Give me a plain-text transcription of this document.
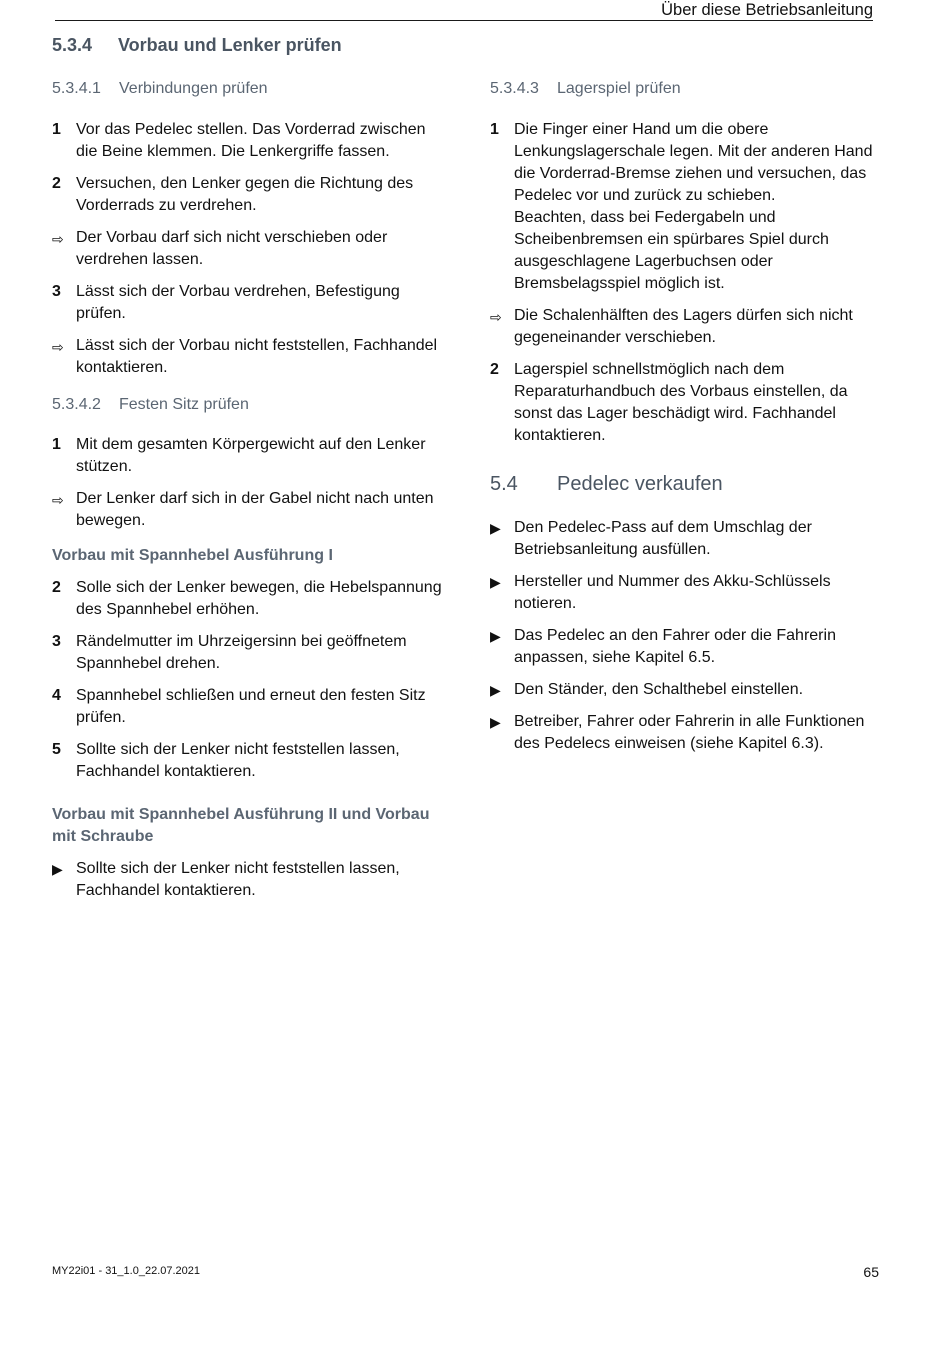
Über diese Betriebsanleitung
5.3.4 Vorbau und Lenker prüfen
5.3.4.1 Verbindungen prüfen
1 Vor das Pedelec stellen. Das Vorderrad zwischen die Beine klemmen. Die Lenkergriffe fassen.

2 Versuchen, den Lenker gegen die Richtung des Vorderrads zu verdrehen.

⇨ Der Vorbau darf sich nicht verschieben oder verdrehen lassen.

3 Lässt sich der Vorbau verdrehen, Befestigung prüfen.

⇨ Lässt sich der Vorbau nicht feststellen, Fachhandel kontaktieren.

5.3.4.2 Festen Sitz prüfen
1 Mit dem gesamten Körpergewicht auf den Lenker stützen.

⇨ Der Lenker darf sich in der Gabel nicht nach unten bewegen.

Vorbau mit Spannhebel Ausführung I
2 Solle sich der Lenker bewegen, die Hebelspannung des Spannhebel erhöhen.

3 Rändelmutter im Uhrzeigersinn bei geöffnetem Spannhebel drehen.

4 Spannhebel schließen und erneut den festen Sitz prüfen.

5 Sollte sich der Lenker nicht feststellen lassen, Fachhandel kontaktieren.

Vorbau mit Spannhebel Ausführung II und Vorbau mit Schraube
▶ Sollte sich der Lenker nicht feststellen lassen, Fachhandel kontaktieren.

5.3.4.3 Lagerspiel prüfen
1 Die Finger einer Hand um die obere Lenkungslagerschale legen. Mit der anderen Hand die Vorderrad-Bremse ziehen und versuchen, das Pedelec vor und zurück zu schieben.

Beachten, dass bei Federgabeln und Scheibenbremsen ein spürbares Spiel durch ausgeschlagene Lagerbuchsen oder Bremsbelagsspiel möglich ist.

⇨ Die Schalenhälften des Lagers dürfen sich nicht gegeneinander verschieben.

2 Lagerspiel schnellstmöglich nach dem Reparaturhandbuch des Vorbaus einstellen, da sonst das Lager beschädigt wird. Fachhandel kontaktieren.

5.4 Pedelec verkaufen
▶ Den Pedelec-Pass auf dem Umschlag der Betriebsanleitung ausfüllen.

▶ Hersteller und Nummer des Akku-Schlüssels notieren.

▶ Das Pedelec an den Fahrer oder die Fahrerin anpassen, siehe Kapitel 6.5.

▶ Den Ständer, den Schalthebel einstellen.

▶ Betreiber, Fahrer oder Fahrerin in alle Funktionen des Pedelecs einweisen (siehe Kapitel 6.3).

MY22i01 - 31_1.0_22.07.2021	65
